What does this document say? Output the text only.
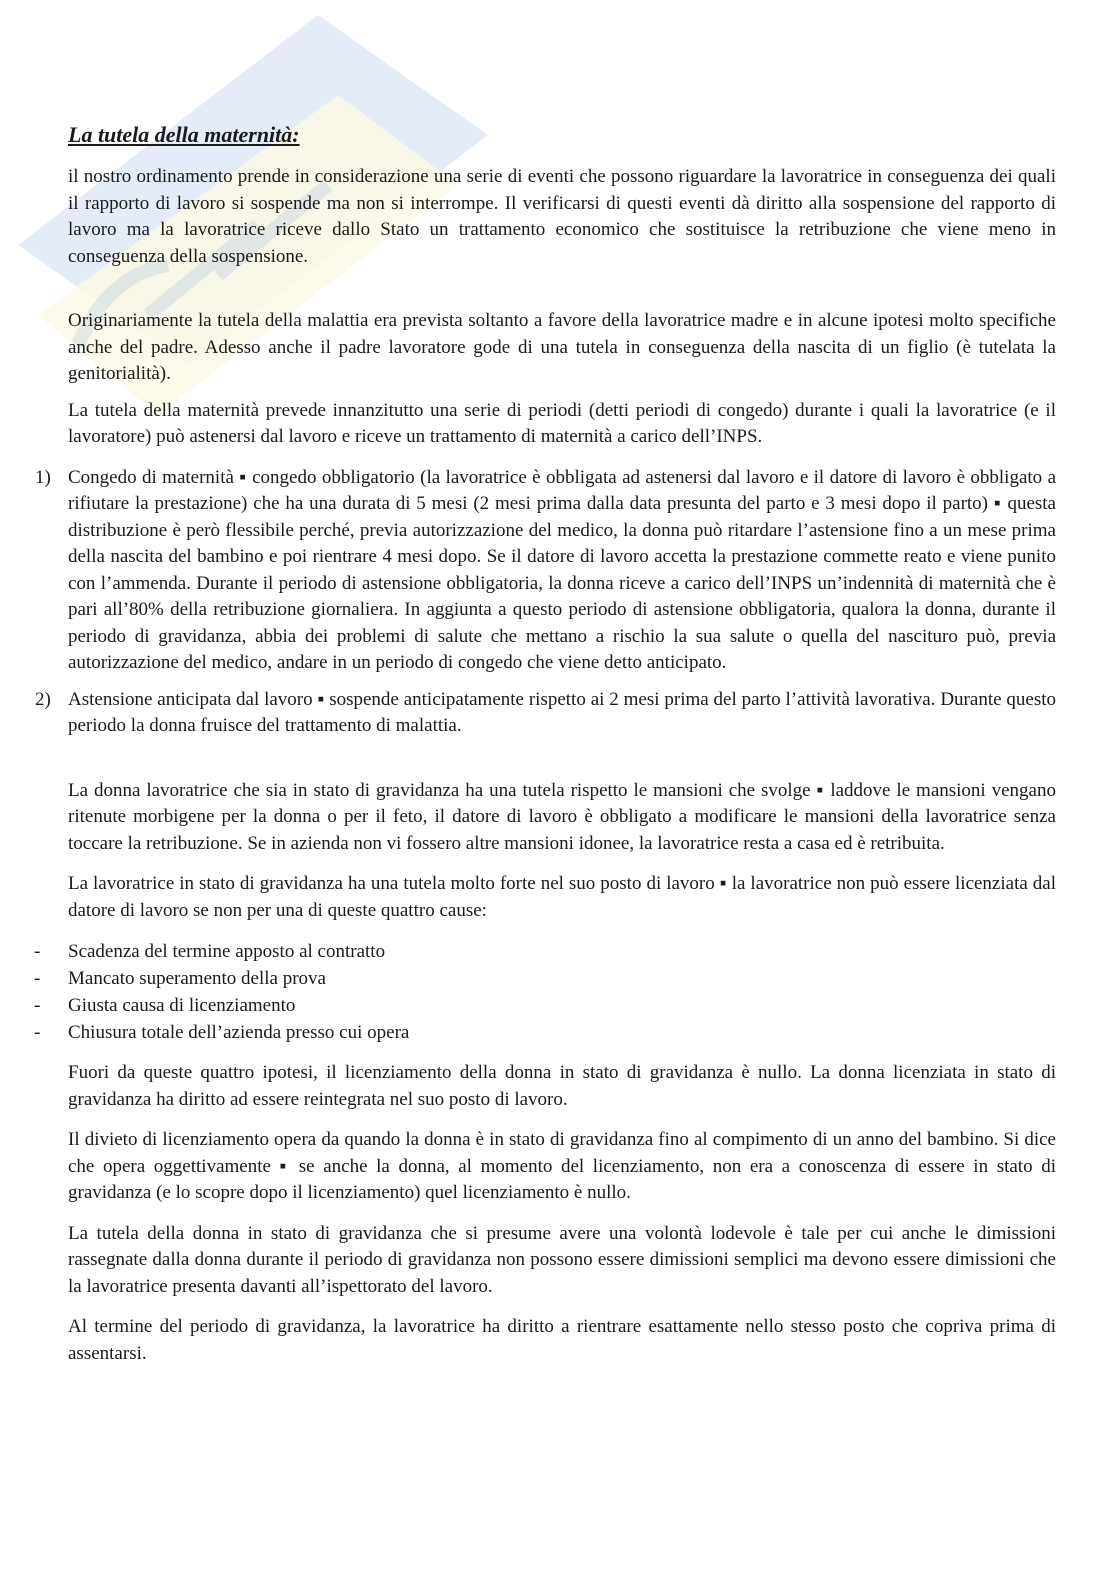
La tutela della maternità:

il nostro ordinamento prende in considerazione una serie di eventi che possono riguardare la lavoratrice in conseguenza dei quali il rapporto di lavoro si sospende ma non si interrompe. Il verificarsi di questi eventi dà diritto alla sospensione del rapporto di lavoro ma la lavoratrice riceve dallo Stato un trattamento economico che sostituisce la retribuzione che viene meno in conseguenza della sospensione.

Originariamente la tutela della malattia era prevista soltanto a favore della lavoratrice madre e in alcune ipotesi molto specifiche anche del padre. Adesso anche il padre lavoratore gode di una tutela in conseguenza della nascita di un figlio (è tutelata la genitorialità).

La tutela della maternità prevede innanzitutto una serie di periodi (detti periodi di congedo) durante i quali la lavoratrice (e il lavoratore) può astenersi dal lavoro e riceve un trattamento di maternità a carico dell’INPS.

1) Congedo di maternità ▪ congedo obbligatorio (la lavoratrice è obbligata ad astenersi dal lavoro e il datore di lavoro è obbligato a rifiutare la prestazione) che ha una durata di 5 mesi (2 mesi prima dalla data presunta del parto e 3 mesi dopo il parto) ▪ questa distribuzione è però flessibile perché, previa autorizzazione del medico, la donna può ritardare l’astensione fino a un mese prima della nascita del bambino e poi rientrare 4 mesi dopo. Se il datore di lavoro accetta la prestazione commette reato e viene punito con l’ammenda. Durante il periodo di astensione obbligatoria, la donna riceve a carico dell’INPS un’indennità di maternità che è pari all’80% della retribuzione giornaliera. In aggiunta a questo periodo di astensione obbligatoria, qualora la donna, durante il periodo di gravidanza, abbia dei problemi di salute che mettano a rischio la sua salute o quella del nascituro può, previa autorizzazione del medico, andare in un periodo di congedo che viene detto anticipato.

2) Astensione anticipata dal lavoro ▪ sospende anticipatamente rispetto ai 2 mesi prima del parto l’attività lavorativa. Durante questo periodo la donna fruisce del trattamento di malattia.

La donna lavoratrice che sia in stato di gravidanza ha una tutela rispetto le mansioni che svolge ▪ laddove le mansioni vengano ritenute morbigene per la donna o per il feto, il datore di lavoro è obbligato a modificare le mansioni della lavoratrice senza toccare la retribuzione. Se in azienda non vi fossero altre mansioni idonee, la lavoratrice resta a casa ed è retribuita.

La lavoratrice in stato di gravidanza ha una tutela molto forte nel suo posto di lavoro ▪ la lavoratrice non può essere licenziata dal datore di lavoro se non per una di queste quattro cause:

- Scadenza del termine apposto al contratto
- Mancato superamento della prova
- Giusta causa di licenziamento
- Chiusura totale dell’azienda presso cui opera

Fuori da queste quattro ipotesi, il licenziamento della donna in stato di gravidanza è nullo. La donna licenziata in stato di gravidanza ha diritto ad essere reintegrata nel suo posto di lavoro.

Il divieto di licenziamento opera da quando la donna è in stato di gravidanza fino al compimento di un anno del bambino. Si dice che opera oggettivamente ▪ se anche la donna, al momento del licenziamento, non era a conoscenza di essere in stato di gravidanza (e lo scopre dopo il licenziamento) quel licenziamento è nullo.

La tutela della donna in stato di gravidanza che si presume avere una volontà lodevole è tale per cui anche le dimissioni rassegnate dalla donna durante il periodo di gravidanza non possono essere dimissioni semplici ma devono essere dimissioni che la lavoratrice presenta davanti all’ispettorato del lavoro.

Al termine del periodo di gravidanza, la lavoratrice ha diritto a rientrare esattamente nello stesso posto che copriva prima di assentarsi.
